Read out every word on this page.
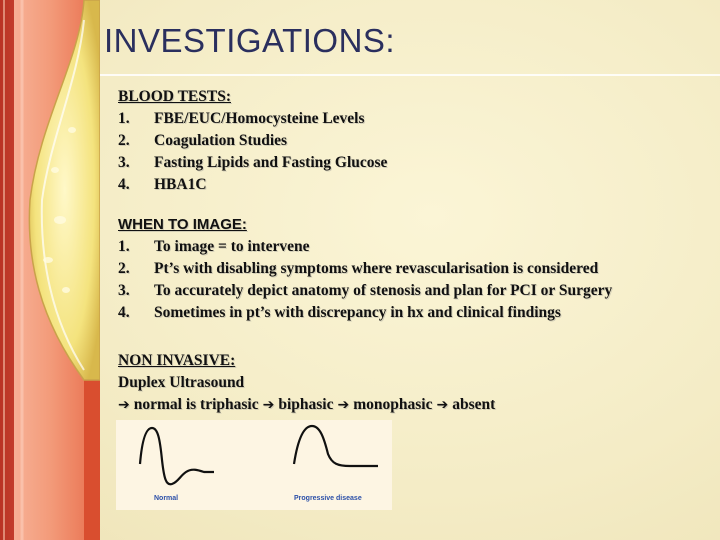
INVESTIGATIONS:
BLOOD TESTS:
1.	FBE/EUC/Homocysteine Levels
2.	Coagulation Studies
3.	Fasting Lipids and Fasting Glucose
4.	HBA1C
WHEN TO IMAGE:
1.	To image = to intervene
2.	Pt’s with disabling symptoms where revascularisation is considered
3.	To accurately depict anatomy of stenosis and plan for PCI or Surgery
4.	Sometimes in pt’s with discrepancy in hx and clinical findings
NON INVASIVE:
Duplex Ultrasound
➔ normal is triphasic ➔ biphasic ➔ monophasic ➔ absent
Normal	Progressive disease
